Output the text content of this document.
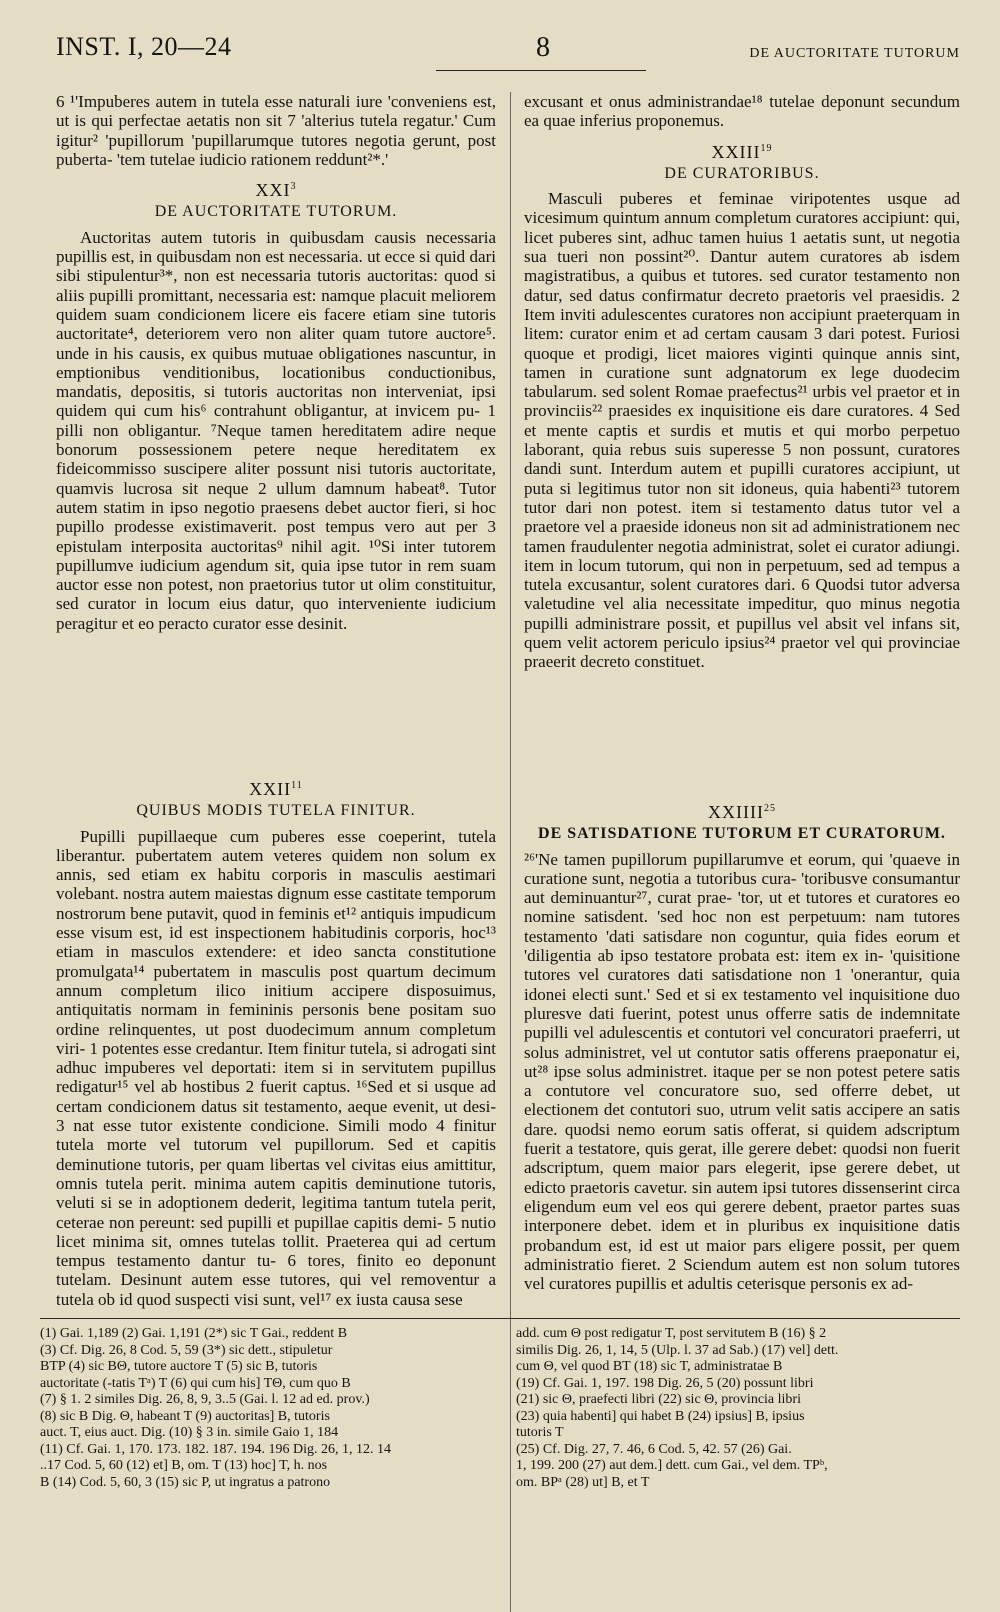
INST. I, 20—24	8	DE AUCTORITATE TUTORUM

6 ¹'Impuberes autem in tutela esse naturali iure 'conveniens est, ut is qui perfectae aetatis non sit 7 'alterius tutela regatur.' Cum igitur² 'pupillorum 'pupillarumque tutores negotia gerunt, post puberta- 'tem tutelae iudicio rationem reddunt²*.'

XXI$^3$
DE AUCTORITATE TUTORUM.

Auctoritas autem tutoris in quibusdam causis necessaria pupillis est, in quibusdam non est necessaria. ut ecce si quid dari sibi stipulentur³*, non est necessaria tutoris auctoritas: quod si aliis pupilli promittant, necessaria est: namque placuit meliorem quidem suam condicionem licere eis facere etiam sine tutoris auctoritate⁴, deteriorem vero non aliter quam tutore auctore⁵. unde in his causis, ex quibus mutuae obligationes nascuntur, in emptionibus venditionibus, locationibus conductionibus, mandatis, depositis, si tutoris auctoritas non interveniat, ipsi quidem qui cum his⁶ contrahunt obligantur, at invicem pu- 1 pilli non obligantur. ⁷Neque tamen hereditatem adire neque bonorum possessionem petere neque hereditatem ex fideicommisso suscipere aliter possunt nisi tutoris auctoritate, quamvis lucrosa sit neque 2 ullum damnum habeat⁸. Tutor autem statim in ipso negotio praesens debet auctor fieri, si hoc pupillo prodesse existimaverit. post tempus vero aut per 3 epistulam interposita auctoritas⁹ nihil agit. ¹⁰Si inter tutorem pupillumve iudicium agendum sit, quia ipse tutor in rem suam auctor esse non potest, non praetorius tutor ut olim constituitur, sed curator in locum eius datur, quo interveniente iudicium peragitur et eo peracto curator esse desinit.

XXII$^{11}$
QUIBUS MODIS TUTELA FINITUR.

Pupilli pupillaeque cum puberes esse coeperint, tutela liberantur. pubertatem autem veteres quidem non solum ex annis, sed etiam ex habitu corporis in masculis aestimari volebant. nostra autem maiestas dignum esse castitate temporum nostrorum bene putavit, quod in feminis et¹² antiquis impudicum esse visum est, id est inspectionem habitudinis corporis, hoc¹³ etiam in masculos extendere: et ideo sancta constitutione promulgata¹⁴ pubertatem in masculis post quartum decimum annum completum ilico initium accipere disposuimus, antiquitatis normam in femininis personis bene positam suo ordine relinquentes, ut post duodecimum annum completum viri- 1 potentes esse credantur. Item finitur tutela, si adrogati sint adhuc impuberes vel deportati: item si in servitutem pupillus redigatur¹⁵ vel ab hostibus 2 fuerit captus. ¹⁶Sed et si usque ad certam condicionem datus sit testamento, aeque evenit, ut desi- 3 nat esse tutor existente condicione. Simili modo 4 finitur tutela morte vel tutorum vel pupillorum. Sed et capitis deminutione tutoris, per quam libertas vel civitas eius amittitur, omnis tutela perit. minima autem capitis deminutione tutoris, veluti si se in adoptionem dederit, legitima tantum tutela perit, ceterae non pereunt: sed pupilli et pupillae capitis demi- 5 nutio licet minima sit, omnes tutelas tollit. Praeterea qui ad certum tempus testamento dantur tu- 6 tores, finito eo deponunt tutelam. Desinunt autem esse tutores, qui vel removentur a tutela ob id quod suspecti visi sunt, vel¹⁷ ex iusta causa sese

excusant et onus administrandae¹⁸ tutelae deponunt secundum ea quae inferius proponemus.

XXIII$^{19}$
DE CURATORIBUS.

Masculi puberes et feminae viripotentes usque ad vicesimum quintum annum completum curatores accipiunt: qui, licet puberes sint, adhuc tamen huius 1 aetatis sunt, ut negotia sua tueri non possint²⁰. Dantur autem curatores ab isdem magistratibus, a quibus et tutores. sed curator testamento non datur, sed datus confirmatur decreto praetoris vel praesidis. 2 Item inviti adulescentes curatores non accipiunt praeterquam in litem: curator enim et ad certam causam 3 dari potest. Furiosi quoque et prodigi, licet maiores viginti quinque annis sint, tamen in curatione sunt adgnatorum ex lege duodecim tabularum. sed solent Romae praefectus²¹ urbis vel praetor et in provinciis²² praesides ex inquisitione eis dare curatores. 4 Sed et mente captis et surdis et mutis et qui morbo perpetuo laborant, quia rebus suis superesse 5 non possunt, curatores dandi sunt. Interdum autem et pupilli curatores accipiunt, ut puta si legitimus tutor non sit idoneus, quia habenti²³ tutorem tutor dari non potest. item si testamento datus tutor vel a praetore vel a praeside idoneus non sit ad administrationem nec tamen fraudulenter negotia administrat, solet ei curator adiungi. item in locum tutorum, qui non in perpetuum, sed ad tempus a tutela excusantur, solent curatores dari. 6 Quodsi tutor adversa valetudine vel alia necessitate impeditur, quo minus negotia pupilli administrare possit, et pupillus vel absit vel infans sit, quem velit actorem periculo ipsius²⁴ praetor vel qui provinciae praeerit decreto constituet.

XXIIII$^{25}$
DE SATISDATIONE TUTORUM ET CURATORUM.

²⁶'Ne tamen pupillorum pupillarumve et eorum, qui 'quaeve in curatione sunt, negotia a tutoribus cura- 'toribusve consumantur aut deminuantur²⁷, curat prae- 'tor, ut et tutores et curatores eo nomine satisdent. 'sed hoc non est perpetuum: nam tutores testamento 'dati satisdare non coguntur, quia fides eorum et 'diligentia ab ipso testatore probata est: item ex in- 'quisitione tutores vel curatores dati satisdatione non 1 'onerantur, quia idonei electi sunt.' Sed et si ex testamento vel inquisitione duo pluresve dati fuerint, potest unus offerre satis de indemnitate pupilli vel adulescentis et contutori vel concuratori praeferri, ut solus administret, vel ut contutor satis offerens praeponatur ei, ut²⁸ ipse solus administret. itaque per se non potest petere satis a contutore vel concuratore suo, sed offerre debet, ut electionem det contutori suo, utrum velit satis accipere an satis dare. quodsi nemo eorum satis offerat, si quidem adscriptum fuerit a testatore, quis gerat, ille gerere debet: quodsi non fuerit adscriptum, quem maior pars elegerit, ipse gerere debet, ut edicto praetoris cavetur. sin autem ipsi tutores dissenserint circa eligendum eum vel eos qui gerere debent, praetor partes suas interponere debet. idem et in pluribus ex inquisitione datis probandum est, id est ut maior pars eligere possit, per quem administratio fieret. 2 Sciendum autem est non solum tutores vel curatores pupillis et adultis ceterisque personis ex ad-

(1) Gai. 1,189 (2) Gai. 1,191 (2*) sic T Gai., reddent B
(3) Cf. Dig. 26, 8 Cod. 5, 59 (3*) sic dett., stipuletur
BTP (4) sic BΘ, tutore auctore T (5) sic B, tutoris
auctoritate (-tatis Tᵃ) T (6) qui cum his] TΘ, cum quo B
(7) § 1. 2 similes Dig. 26, 8, 9, 3..5 (Gai. l. 12 ad ed. prov.)
(8) sic B Dig. Θ, habeant T (9) auctoritas] B, tutoris
auct. T, eius auct. Dig. (10) § 3 in. simile Gaio 1, 184
(11) Cf. Gai. 1, 170. 173. 182. 187. 194. 196 Dig. 26, 1, 12. 14
..17 Cod. 5, 60 (12) et] B, om. T (13) hoc] T, h. nos
B (14) Cod. 5, 60, 3 (15) sic P, ut ingratus a patrono
add. cum Θ post redigatur T, post servitutem B (16) § 2
similis Dig. 26, 1, 14, 5 (Ulp. l. 37 ad Sab.) (17) vel] dett.
cum Θ, vel quod BT (18) sic T, administratae B
(19) Cf. Gai. 1, 197. 198 Dig. 26, 5 (20) possunt libri
(21) sic Θ, praefecti libri (22) sic Θ, provincia libri
(23) quia habenti] qui habet B (24) ipsius] B, ipsius
tutoris T
(25) Cf. Dig. 27, 7. 46, 6 Cod. 5, 42. 57 (26) Gai.
1, 199. 200 (27) aut dem.] dett. cum Gai., vel dem. TPᵇ,
om. BPᵃ (28) ut] B, et T
